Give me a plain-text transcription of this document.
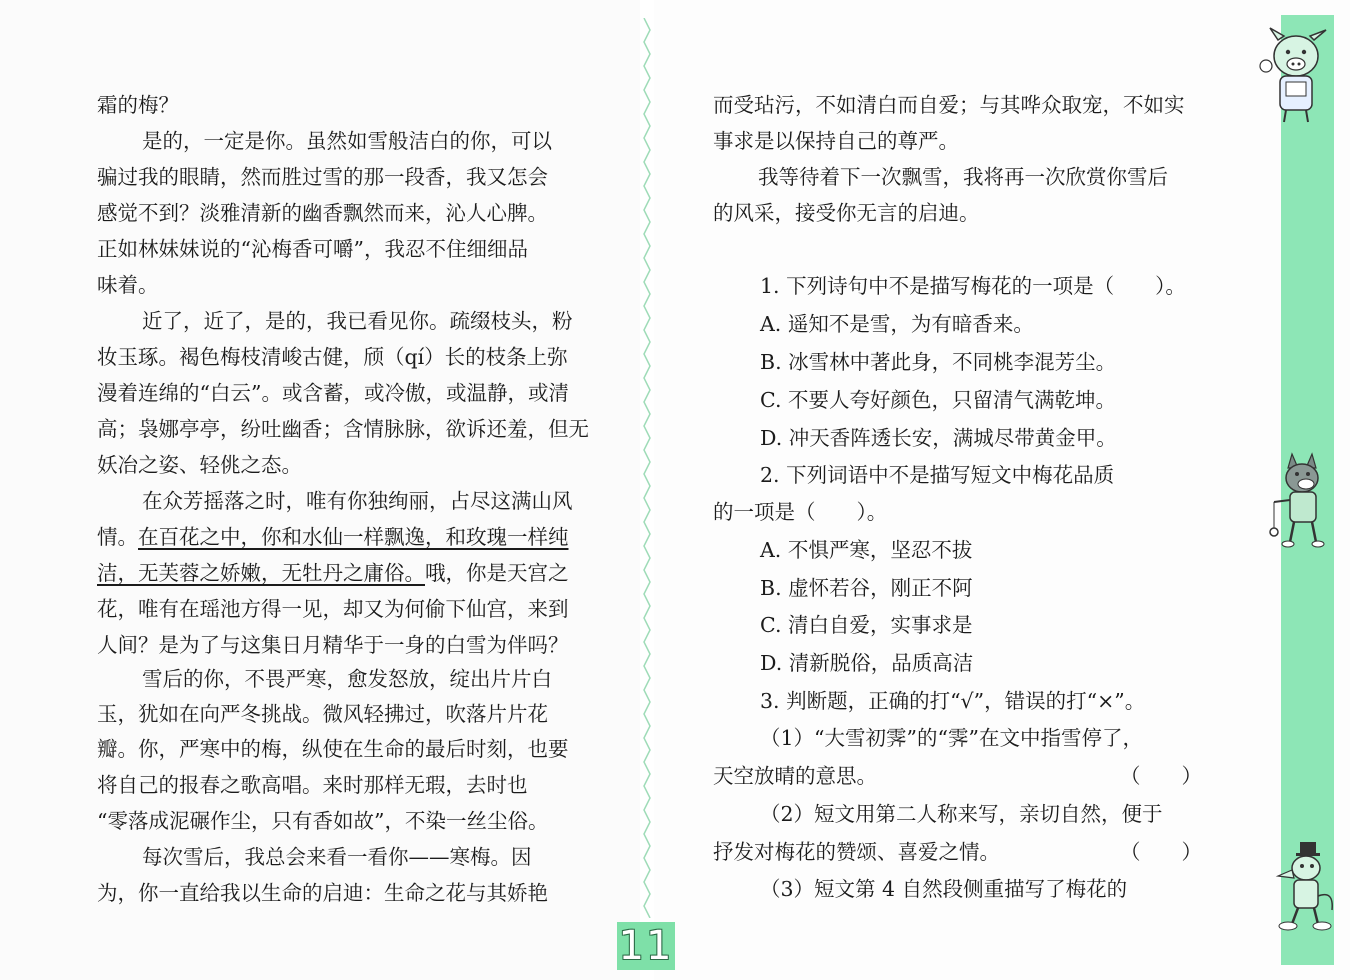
霜的梅？
是的，一定是你。虽然如雪般洁白的你，可以
骗过我的眼睛，然而胜过雪的那一段香，我又怎会
感觉不到？淡雅清新的幽香飘然而来，沁人心脾。
正如林妹妹说的“沁梅香可嚼”，我忍不住细细品
味着。
近了，近了，是的，我已看见你。疏缀枝头，粉
妆玉琢。褐色梅枝清峻古健，颀（qí）长的枝条上弥
漫着连绵的“白云”。或含蓄，或冷傲，或温静，或清
高；袅娜亭亭，纷吐幽香；含情脉脉，欲诉还羞，但无
妖冶之姿、轻佻之态。
在众芳摇落之时，唯有你独绚丽，占尽这满山风
情。在百花之中，你和水仙一样飘逸，和玫瑰一样纯
洁，无芙蓉之娇嫩，无牡丹之庸俗。哦，你是天宫之
花，唯有在瑶池方得一见，却又为何偷下仙宫，来到
人间？是为了与这集日月精华于一身的白雪为伴吗？
雪后的你，不畏严寒，愈发怒放，绽出片片白
玉，犹如在向严冬挑战。微风轻拂过，吹落片片花
瓣。你，严寒中的梅，纵使在生命的最后时刻，也要
将自己的报春之歌高唱。来时那样无瑕，去时也
“零落成泥碾作尘，只有香如故”，不染一丝尘俗。
每次雪后，我总会来看一看你——寒梅。因
为，你一直给我以生命的启迪：生命之花与其娇艳
而受玷污，不如清白而自爱；与其哗众取宠，不如实
事求是以保持自己的尊严。
我等待着下一次飘雪，我将再一次欣赏你雪后
的风采，接受你无言的启迪。
1. 下列诗句中不是描写梅花的一项是（　　）。
A. 遥知不是雪，为有暗香来。
B. 冰雪林中著此身，不同桃李混芳尘。
C. 不要人夸好颜色，只留清气满乾坤。
D. 冲天香阵透长安，满城尽带黄金甲。
2. 下列词语中不是描写短文中梅花品质
的一项是（　　）。
A. 不惧严寒，坚忍不拔
B. 虚怀若谷，刚正不阿
C. 清白自爱，实事求是
D. 清新脱俗，品质高洁
3. 判断题，正确的打“√”，错误的打“×”。
（1）“大雪初霁”的“霁”在文中指雪停了，
天空放晴的意思。	（　　）
（2）短文用第二人称来写，亲切自然，便于
抒发对梅花的赞颂、喜爱之情。	（　　）
（3）短文第 4 自然段侧重描写了梅花的
11
